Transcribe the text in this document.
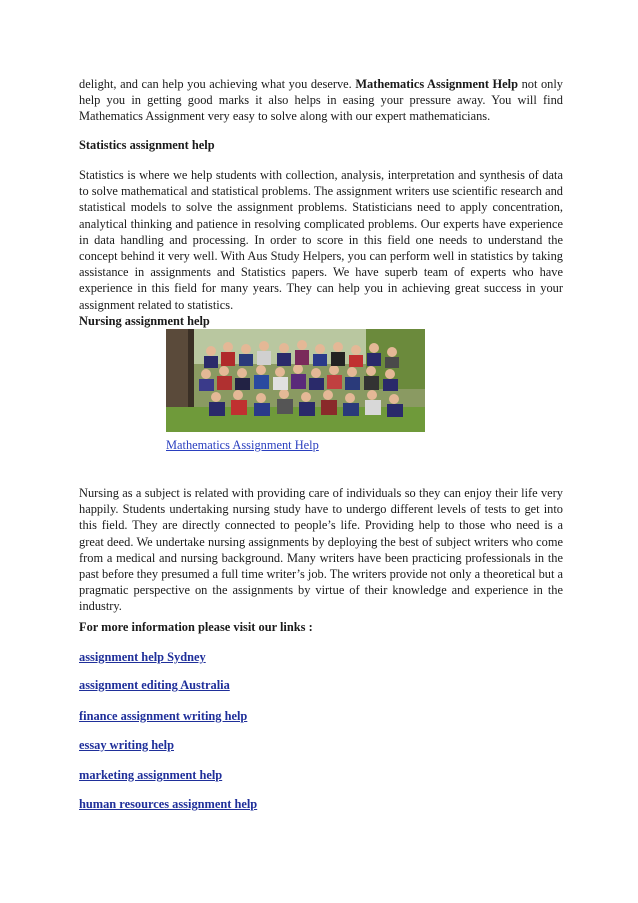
delight, and can help you achieving what you deserve. Mathematics Assignment Help not only help you in getting good marks it also helps in easing your pressure away. You will find Mathematics Assignment very easy to solve along with our expert mathematicians.

Statistics assignment help

Statistics is where we help students with collection, analysis, interpretation and synthesis of data to solve mathematical and statistical problems. The assignment writers use scientific research and statistical models to solve the assignment problems. Statisticians need to apply concentration, analytical thinking and patience in resolving complicated problems. Our experts have experience in data handling and processing. In order to score in this field one needs to understand the concept behind it very well. With Aus Study Helpers, you can perform well in statistics by taking assistance in assignments and Statistics papers. We have superb team of experts who have experience in this field for many years. They can help you in achieving great success in your assignment related to statistics.

Nursing assignment help
Mathematics Assignment Help

Nursing as a subject is related with providing care of individuals so they can enjoy their life very happily. Students undertaking nursing study have to undergo different levels of tests to get into this field. They are directly connected to people’s life. Providing help to those who need is a great deed. We undertake nursing assignments by deploying the best of subject writers who come from a medical and nursing background. Many writers have been practicing professionals in the past before they presumed a full time writer’s job. The writers provide not only a theoretical but a pragmatic perspective on the assignments by virtue of their knowledge and experience in the industry.

For more information please visit our links :
assignment help Sydney
assignment editing Australia
finance assignment writing help
essay writing help
marketing assignment help
human resources assignment help
